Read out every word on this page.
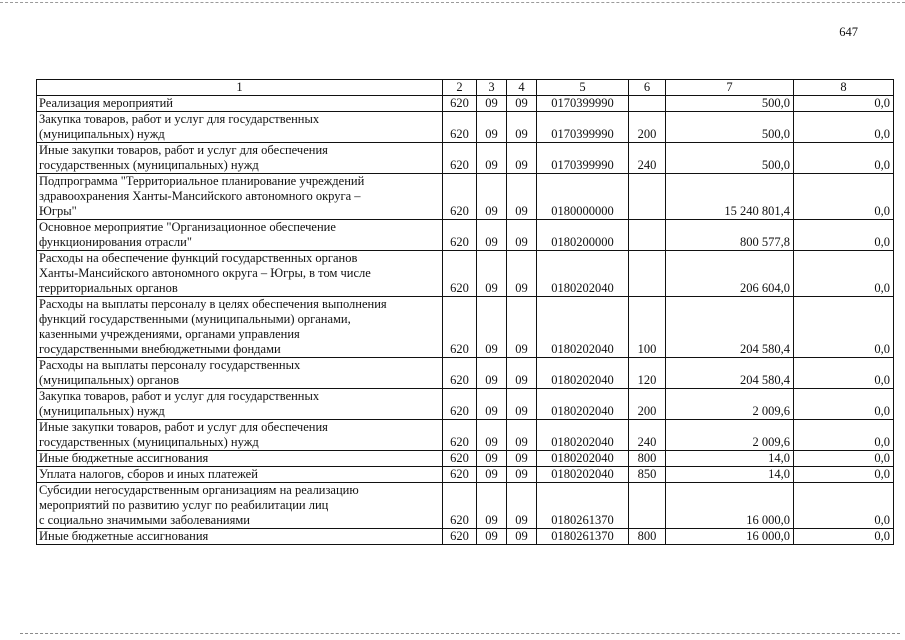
647
1	2	3	4	5	6	7	8
Реализация мероприятий	620	09	09	0170399990		500,0	0,0
Закупка товаров, работ и услуг для государственных
(муниципальных) нужд	620	09	09	0170399990	200	500,0	0,0
Иные закупки товаров, работ и услуг для обеспечения
государственных (муниципальных) нужд	620	09	09	0170399990	240	500,0	0,0
Подпрограмма "Территориальное планирование учреждений
здравоохранения Ханты-Мансийского автономного округа –
Югры"	620	09	09	0180000000		15 240 801,4	0,0
Основное мероприятие "Организационное обеспечение
функционирования отрасли"	620	09	09	0180200000		800 577,8	0,0
Расходы на обеспечение функций государственных органов
Ханты-Мансийского автономного округа – Югры, в том числе
территориальных органов	620	09	09	0180202040		206 604,0	0,0
Расходы на выплаты персоналу в целях обеспечения выполнения
функций государственными (муниципальными) органами,
казенными учреждениями, органами управления
государственными внебюджетными фондами	620	09	09	0180202040	100	204 580,4	0,0
Расходы на выплаты персоналу государственных
(муниципальных) органов	620	09	09	0180202040	120	204 580,4	0,0
Закупка товаров, работ и услуг для государственных
(муниципальных) нужд	620	09	09	0180202040	200	2 009,6	0,0
Иные закупки товаров, работ и услуг для обеспечения
государственных (муниципальных) нужд	620	09	09	0180202040	240	2 009,6	0,0
Иные бюджетные ассигнования	620	09	09	0180202040	800	14,0	0,0
Уплата налогов, сборов и иных платежей	620	09	09	0180202040	850	14,0	0,0
Субсидии негосударственным организациям на реализацию
мероприятий по развитию услуг по реабилитации лиц
с социально значимыми заболеваниями	620	09	09	0180261370		16 000,0	0,0
Иные бюджетные ассигнования	620	09	09	0180261370	800	16 000,0	0,0
